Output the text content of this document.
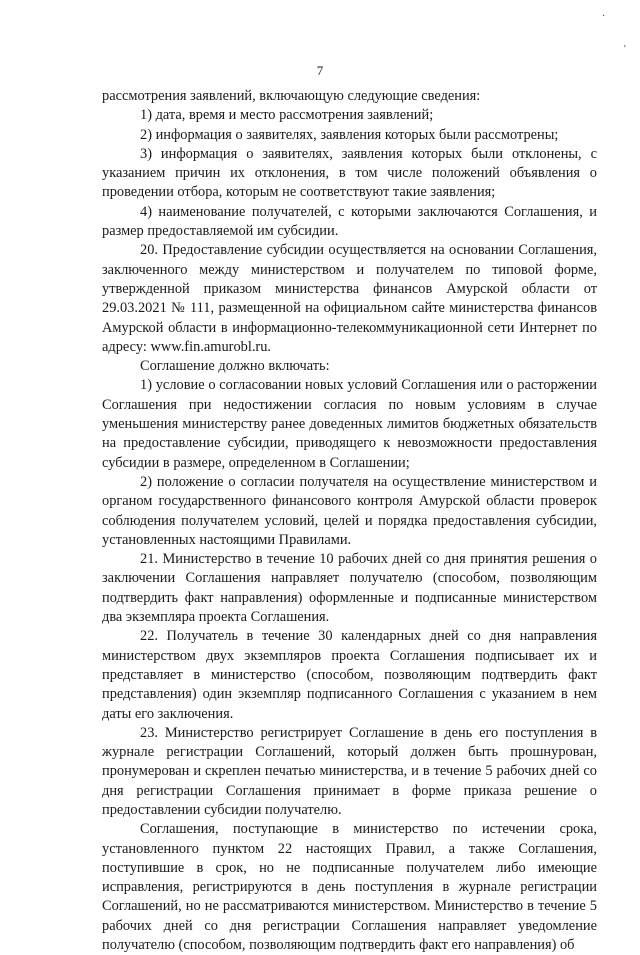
·
'
7

рассмотрения заявлений, включающую следующие сведения:

1) дата, время и место рассмотрения заявлений;

2) информация о заявителях, заявления которых были рассмотрены;

3) информация о заявителях, заявления которых были отклонены, с указанием причин их отклонения, в том числе положений объявления о проведении отбора, которым не соответствуют такие заявления;

4) наименование получателей, с которыми заключаются Соглашения, и размер предоставляемой им субсидии.

20. Предоставление субсидии осуществляется на основании Соглашения, заключенного между министерством и получателем по типовой форме, утвержденной приказом министерства финансов Амурской области от 29.03.2021 № 111, размещенной на официальном сайте министерства финансов Амурской области в информационно-телекоммуникационной сети Интернет по адресу: www.fin.amurobl.ru.

Соглашение должно включать:

1) условие о согласовании новых условий Соглашения или о расторжении Соглашения при недостижении согласия по новым условиям в случае уменьшения министерству ранее доведенных лимитов бюджетных обязательств на предоставление субсидии, приводящего к невозможности предоставления субсидии в размере, определенном в Соглашении;

2) положение о согласии получателя на осуществление министерством и органом государственного финансового контроля Амурской области проверок соблюдения получателем условий, целей и порядка предоставления субсидии, установленных настоящими Правилами.

21. Министерство в течение 10 рабочих дней со дня принятия решения о заключении Соглашения направляет получателю (способом, позволяющим подтвердить факт направления) оформленные и подписанные министерством два экземпляра проекта Соглашения.

22. Получатель в течение 30 календарных дней со дня направления министерством двух экземпляров проекта Соглашения подписывает их и представляет в министерство (способом, позволяющим подтвердить факт представления) один экземпляр подписанного Соглашения с указанием в нем даты его заключения.

23. Министерство регистрирует Соглашение в день его поступления в журнале регистрации Соглашений, который должен быть прошнурован, пронумерован и скреплен печатью министерства, и в течение 5 рабочих дней со дня регистрации Соглашения принимает в форме приказа решение о предоставлении субсидии получателю.

Соглашения, поступающие в министерство по истечении срока, установленного пунктом 22 настоящих Правил, а также Соглашения, поступившие в срок, но не подписанные получателем либо имеющие исправления, регистрируются в день поступления в журнале регистрации Соглашений, но не рассматриваются министерством. Министерство в течение 5 рабочих дней со дня регистрации Соглашения направляет уведомление получателю (способом, позволяющим подтвердить факт его направления) об
